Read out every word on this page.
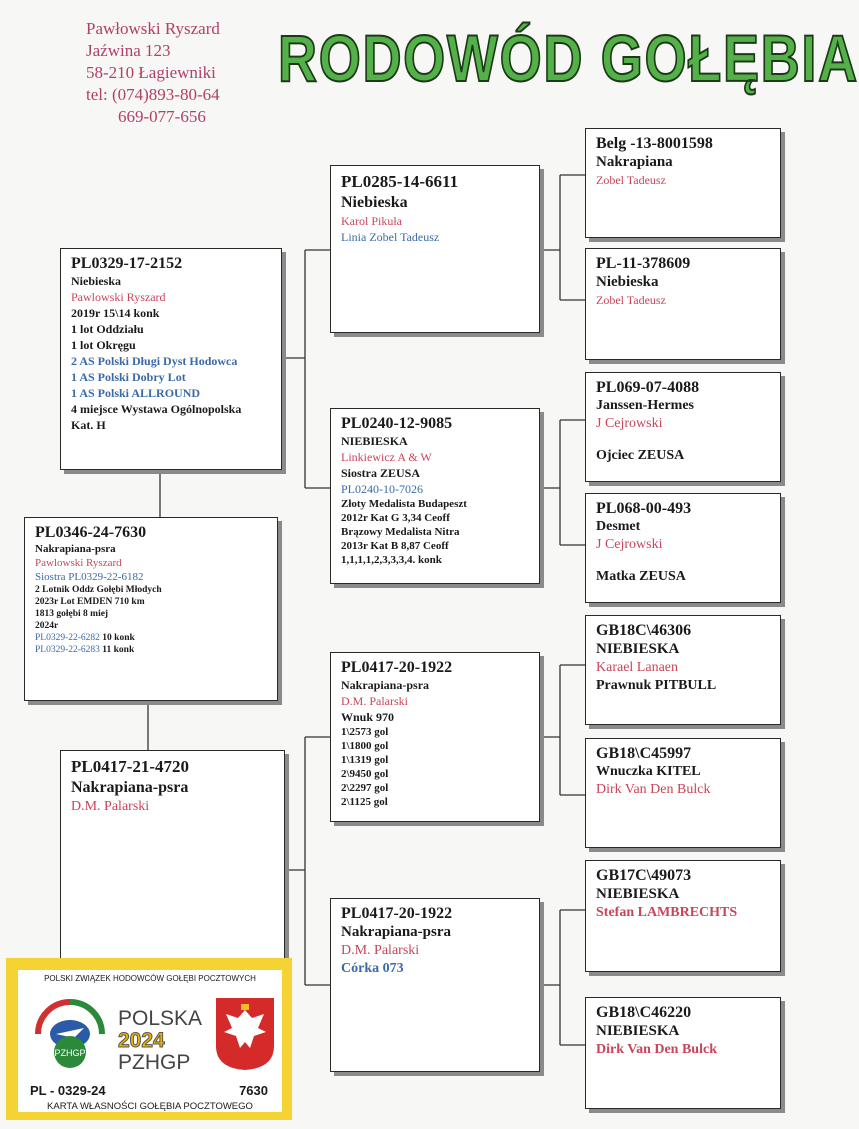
Pawłowski Ryszard
Jaźwina 123
58-210 Łagiewniki
tel: (074)893-80-64
669-077-656
RODOWÓD GOŁĘBIA
PL0329-17-2152
Niebieska
Pawlowski Ryszard
2019r 15\14 konk
1 lot Oddziału
1 lot Okręgu
2 AS Polski Długi Dyst Hodowca
1 AS Polski Dobry Lot
1 AS Polski ALLROUND
4 miejsce Wystawa Ogólnopolska
Kat. H
PL0346-24-7630
Nakrapiana-psra
Pawlowski Ryszard
Siostra PL0329-22-6182
2 Lotnik Oddz Gołębi Młodych
2023r Lot EMDEN 710 km
1813 gołębi 8 miej
2024r
PL0329-22-6282 10 konk
PL0329-22-6283 11 konk
PL0417-21-4720
Nakrapiana-psra
D.M. Palarski
PL0285-14-6611
Niebieska
Karol Pikuła
Linia Zobel Tadeusz
PL0240-12-9085
NIEBIESKA
Linkiewicz A & W
Siostra ZEUSA
PL0240-10-7026
Złoty Medalista Budapeszt
2012r Kat G 3,34 Ceoff
Brązowy Medalista Nitra
2013r Kat B 8,87 Ceoff
1,1,1,1,2,3,3,3,4. konk
PL0417-20-1922
Nakrapiana-psra
D.M. Palarski
Wnuk 970
1\2573 gol
1\1800 gol
1\1319 gol
2\9450 gol
2\2297 gol
2\1125 gol
PL0417-20-1922
Nakrapiana-psra
D.M. Palarski
Córka 073
Belg -13-8001598
Nakrapiana
Zobel Tadeusz
PL-11-378609
Niebieska
Zobel Tadeusz
PL069-07-4088
Janssen-Hermes
J Cejrowski
Ojciec ZEUSA
PL068-00-493
Desmet
J Cejrowski
Matka ZEUSA
GB18C\46306
NIEBIESKA
Karael Lanaen
Prawnuk PITBULL
GB18\C45997
Wnuczka KITEL
Dirk Van Den Bulck
GB17C\49073
NIEBIESKA
Stefan LAMBRECHTS
GB18\C46220
NIEBIESKA
Dirk Van Den Bulck
POLSKI ZWIĄZEK HODOWCÓW GOŁĘBI POCZTOWYCH
PZHGP
POLSKA
2024
PZHGP
PL - 0329-24	7630
KARTA WŁASNOŚCI GOŁĘBIA POCZTOWEGO
